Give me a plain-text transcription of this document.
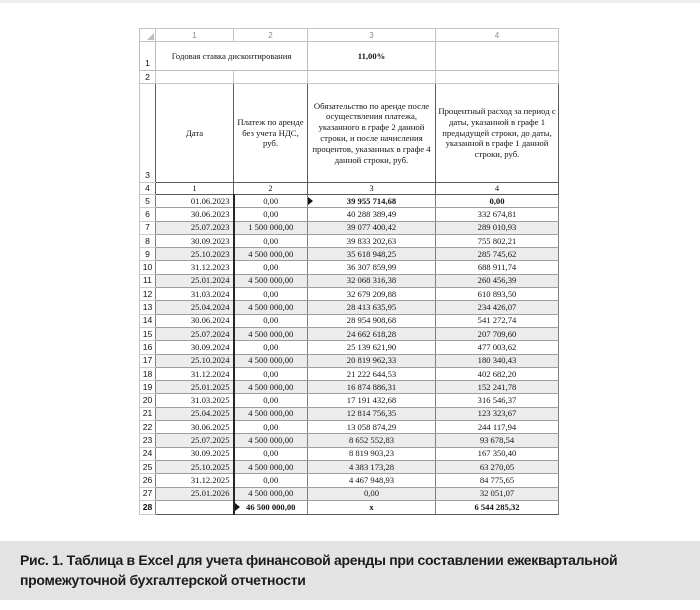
	1	2	3	4
1	Годовая ставка дисконтирования		11,00%	
2				
3	Дата	Платеж по аренде без учета НДС, руб.	Обязательство по аренде после осуществления платежа, указанного в графе 2 данной строки, и после начисления процентов, указанных в графе 4 данной строки, руб.	Процентный расход за период с даты, указанной в графе 1 предыдущей строки, до даты, указанной в графе 1 данной строки, руб.
4	1	2	3	4
5	01.06.2023	0,00	39 955 714,68	0,00
6	30.06.2023	0,00	40 288 389,49	332 674,81
7	25.07.2023	1 500 000,00	39 077 400,42	289 010,93
8	30.09.2023	0,00	39 833 202,63	755 802,21
9	25.10.2023	4 500 000,00	35 618 948,25	285 745,62
10	31.12.2023	0,00	36 307 859,99	688 911,74
11	25.01.2024	4 500 000,00	32 068 316,38	260 456,39
12	31.03.2024	0,00	32 679 209,88	610 893,50
13	25.04.2024	4 500 000,00	28 413 635,95	234 426,07
14	30.06.2024	0,00	28 954 908,68	541 272,74
15	25.07.2024	4 500 000,00	24 662 618,28	207 709,60
16	30.09.2024	0,00	25 139 621,90	477 003,62
17	25.10.2024	4 500 000,00	20 819 962,33	180 340,43
18	31.12.2024	0,00	21 222 644,53	402 682,20
19	25.01.2025	4 500 000,00	16 874 886,31	152 241,78
20	31.03.2025	0,00	17 191 432,68	316 546,37
21	25.04.2025	4 500 000,00	12 814 756,35	123 323,67
22	30.06.2025	0,00	13 058 874,29	244 117,94
23	25.07.2025	4 500 000,00	8 652 552,83	93 678,54
24	30.09.2025	0,00	8 819 903,23	167 350,40
25	25.10.2025	4 500 000,00	4 383 173,28	63 270,05
26	31.12.2025	0,00	4 467 948,93	84 775,65
27	25.01.2026	4 500 000,00	0,00	32 051,07
28		46 500 000,00	x	6 544 285,32
Рис. 1. Таблица в Excel для учета финансовой аренды при составлении ежеквартальной промежуточной бухгалтерской отчетности
